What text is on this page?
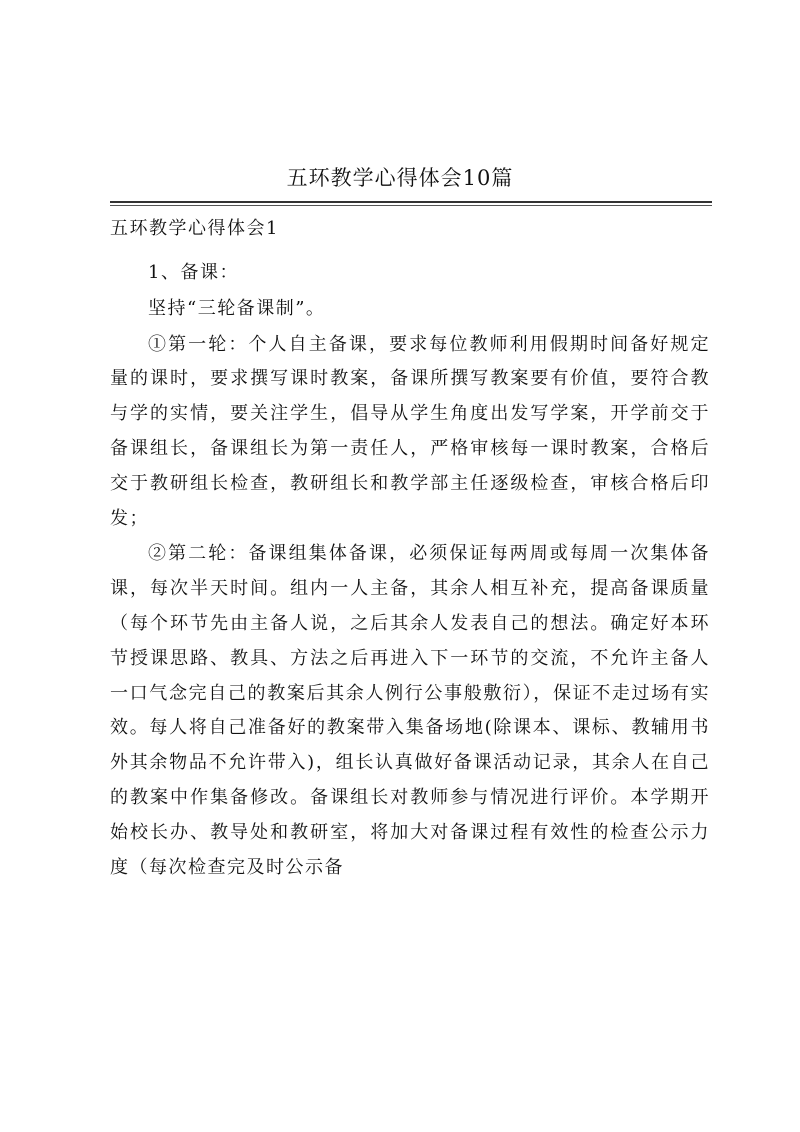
五环教学心得体会10篇
五环教学心得体会1

1、备课：

坚持“三轮备课制”。

①第一轮：个人自主备课，要求每位教师利用假期时间备好规定量的课时，要求撰写课时教案，备课所撰写教案要有价值，要符合教与学的实情，要关注学生，倡导从学生角度出发写学案，开学前交于备课组长，备课组长为第一责任人，严格审核每一课时教案，合格后交于教研组长检查，教研组长和教学部主任逐级检查，审核合格后印发；

②第二轮：备课组集体备课，必须保证每两周或每周一次集体备课，每次半天时间。组内一人主备，其余人相互补充，提高备课质量（每个环节先由主备人说，之后其余人发表自己的想法。确定好本环节授课思路、教具、方法之后再进入下一环节的交流，不允许主备人一口气念完自己的教案后其余人例行公事般敷衍），保证不走过场有实效。每人将自己准备好的教案带入集备场地(除课本、课标、教辅用书外其余物品不允许带入)，组长认真做好备课活动记录，其余人在自己的教案中作集备修改。备课组长对教师参与情况进行评价。本学期开始校长办、教导处和教研室，将加大对备课过程有效性的检查公示力度（每次检查完及时公示备
